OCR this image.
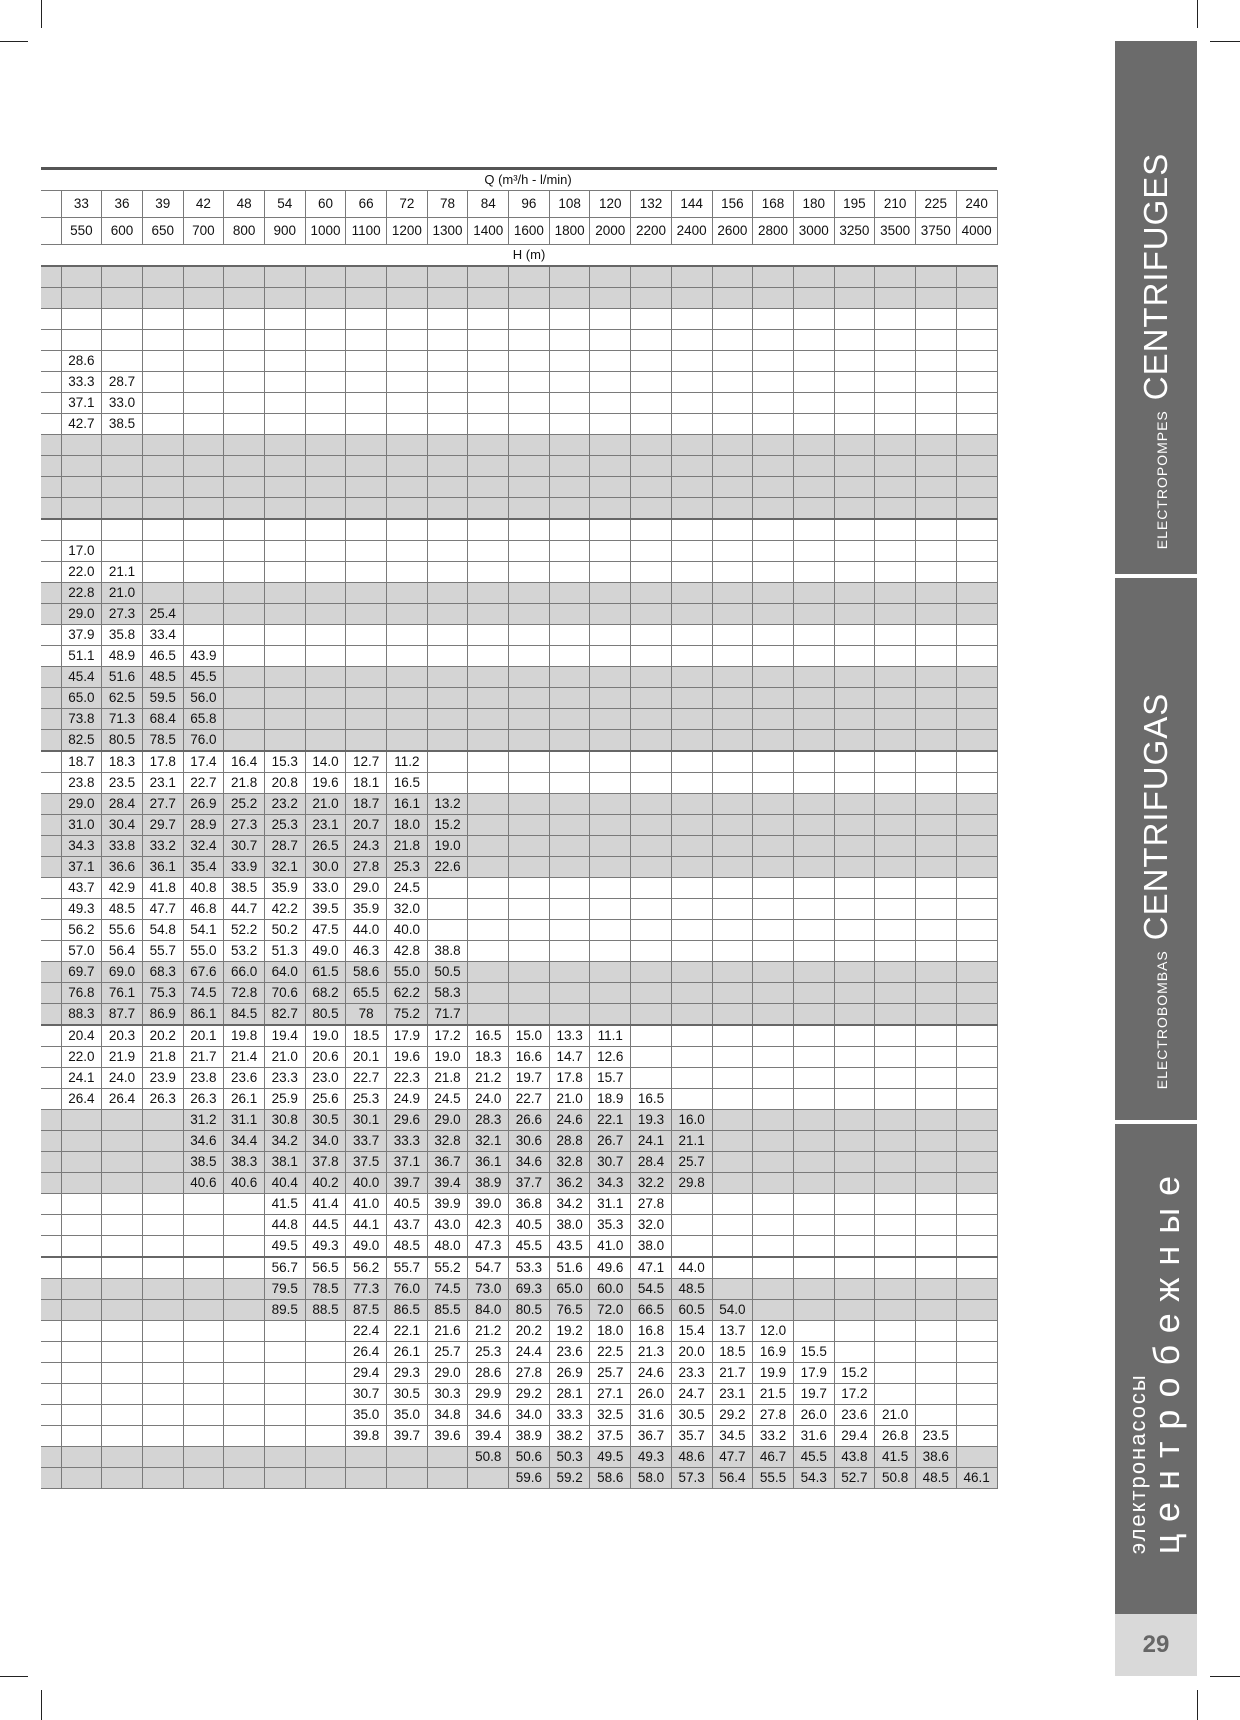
	Q (m³/h - l/min)																						
	33	36	39	42	48	54	60	66	72	78	84	96	108	120	132	144	156	168	180	195	210	225	240
	550	600	650	700	800	900	1000	1100	1200	1300	1400	1600	1800	2000	2200	2400	2600	2800	3000	3250	3500	3750	4000
	H (m)																						

	28.6																						
	33.3	28.7																					
	37.1	33.0																					
	42.7	38.5																					

	17.0																						
	22.0	21.1																					
	22.8	21.0																					
	29.0	27.3	25.4																				
	37.9	35.8	33.4																				
	51.1	48.9	46.5	43.9																			
	45.4	51.6	48.5	45.5																			
	65.0	62.5	59.5	56.0																			
	73.8	71.3	68.4	65.8																			
	82.5	80.5	78.5	76.0																			
	18.7	18.3	17.8	17.4	16.4	15.3	14.0	12.7	11.2														
	23.8	23.5	23.1	22.7	21.8	20.8	19.6	18.1	16.5														
	29.0	28.4	27.7	26.9	25.2	23.2	21.0	18.7	16.1	13.2													
	31.0	30.4	29.7	28.9	27.3	25.3	23.1	20.7	18.0	15.2													
	34.3	33.8	33.2	32.4	30.7	28.7	26.5	24.3	21.8	19.0													
	37.1	36.6	36.1	35.4	33.9	32.1	30.0	27.8	25.3	22.6													
	43.7	42.9	41.8	40.8	38.5	35.9	33.0	29.0	24.5														
	49.3	48.5	47.7	46.8	44.7	42.2	39.5	35.9	32.0														
	56.2	55.6	54.8	54.1	52.2	50.2	47.5	44.0	40.0														
	57.0	56.4	55.7	55.0	53.2	51.3	49.0	46.3	42.8	38.8													
	69.7	69.0	68.3	67.6	66.0	64.0	61.5	58.6	55.0	50.5													
	76.8	76.1	75.3	74.5	72.8	70.6	68.2	65.5	62.2	58.3													
	88.3	87.7	86.9	86.1	84.5	82.7	80.5	78	75.2	71.7													
	20.4	20.3	20.2	20.1	19.8	19.4	19.0	18.5	17.9	17.2	16.5	15.0	13.3	11.1									
	22.0	21.9	21.8	21.7	21.4	21.0	20.6	20.1	19.6	19.0	18.3	16.6	14.7	12.6									
	24.1	24.0	23.9	23.8	23.6	23.3	23.0	22.7	22.3	21.8	21.2	19.7	17.8	15.7									
	26.4	26.4	26.3	26.3	26.1	25.9	25.6	25.3	24.9	24.5	24.0	22.7	21.0	18.9	16.5								
				31.2	31.1	30.8	30.5	30.1	29.6	29.0	28.3	26.6	24.6	22.1	19.3	16.0							
				34.6	34.4	34.2	34.0	33.7	33.3	32.8	32.1	30.6	28.8	26.7	24.1	21.1							
				38.5	38.3	38.1	37.8	37.5	37.1	36.7	36.1	34.6	32.8	30.7	28.4	25.7							
				40.6	40.6	40.4	40.2	40.0	39.7	39.4	38.9	37.7	36.2	34.3	32.2	29.8							
						41.5	41.4	41.0	40.5	39.9	39.0	36.8	34.2	31.1	27.8								
						44.8	44.5	44.1	43.7	43.0	42.3	40.5	38.0	35.3	32.0								
						49.5	49.3	49.0	48.5	48.0	47.3	45.5	43.5	41.0	38.0								
						56.7	56.5	56.2	55.7	55.2	54.7	53.3	51.6	49.6	47.1	44.0							
						79.5	78.5	77.3	76.0	74.5	73.0	69.3	65.0	60.0	54.5	48.5							
						89.5	88.5	87.5	86.5	85.5	84.0	80.5	76.5	72.0	66.5	60.5	54.0						
								22.4	22.1	21.6	21.2	20.2	19.2	18.0	16.8	15.4	13.7	12.0					
								26.4	26.1	25.7	25.3	24.4	23.6	22.5	21.3	20.0	18.5	16.9	15.5				
								29.4	29.3	29.0	28.6	27.8	26.9	25.7	24.6	23.3	21.7	19.9	17.9	15.2			
								30.7	30.5	30.3	29.9	29.2	28.1	27.1	26.0	24.7	23.1	21.5	19.7	17.2			
								35.0	35.0	34.8	34.6	34.0	33.3	32.5	31.6	30.5	29.2	27.8	26.0	23.6	21.0		
								39.8	39.7	39.6	39.4	38.9	38.2	37.5	36.7	35.7	34.5	33.2	31.6	29.4	26.8	23.5	
											50.8	50.6	50.3	49.5	49.3	48.6	47.7	46.7	45.5	43.8	41.5	38.6	
												59.6	59.2	58.6	58.0	57.3	56.4	55.5	54.3	52.7	50.8	48.5	46.1
ELECTROPOMPESCENTRIFUGES
ELECTROBOMBASCENTRIFUGAS
электронасосы
центробежные
29
